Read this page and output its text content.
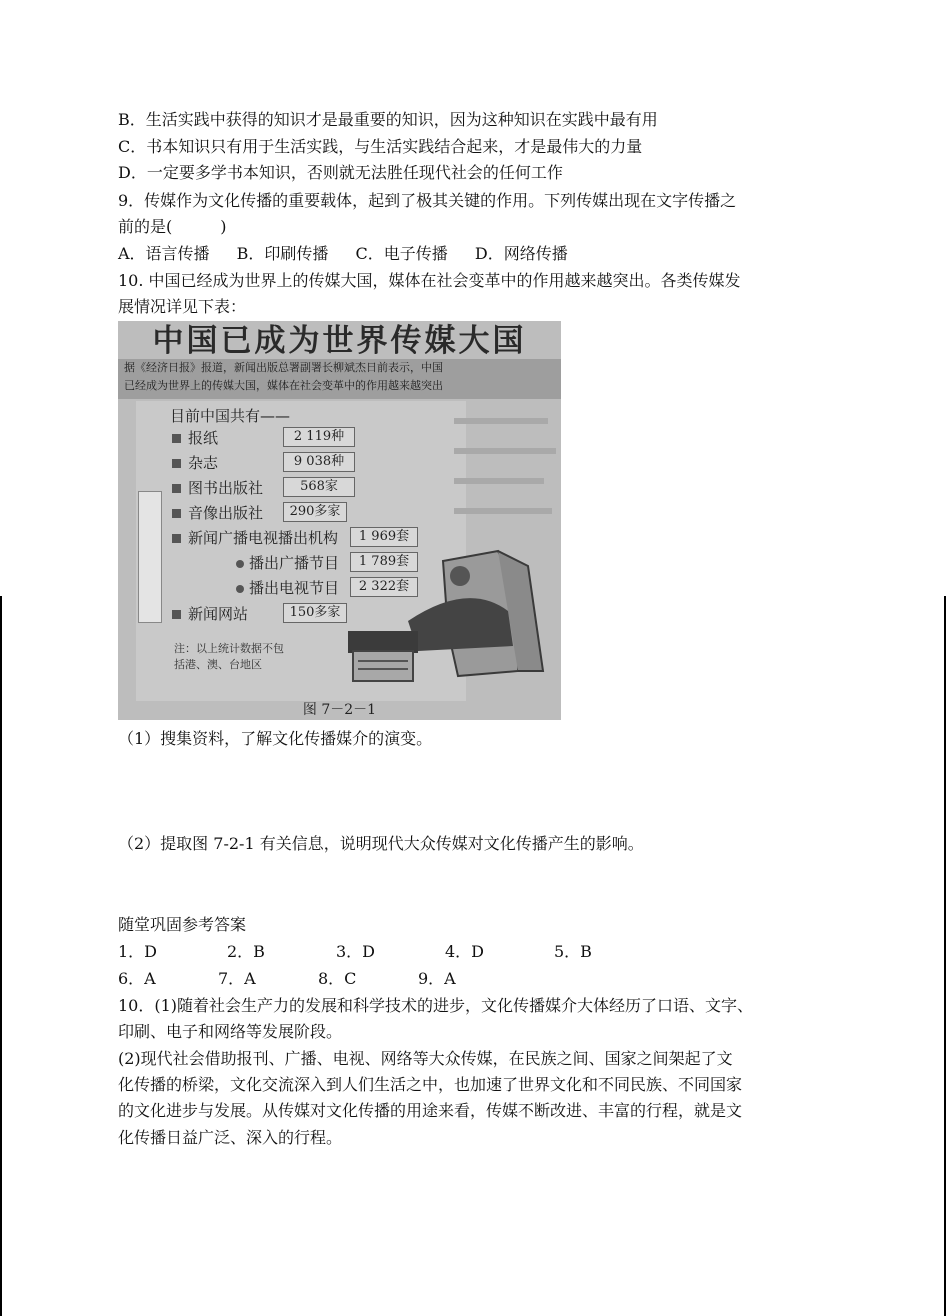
B．生活实践中获得的知识才是最重要的知识，因为这种知识在实践中最有用
C．书本知识只有用于生活实践，与生活实践结合起来，才是最伟大的力量
D．一定要多学书本知识，否则就无法胜任现代社会的任何工作
9．传媒作为文化传播的重要载体，起到了极其关键的作用。下列传媒出现在文字传播之
前的是(　　　)
A．语言传播 B．印刷传播 C．电子传播 D．网络传播
10. 中国已经成为世界上的传媒大国，媒体在社会变革中的作用越来越突出。各类传媒发
展情况详见下表：
中国已成为世界传媒大国
据《经济日报》报道，新闻出版总署副署长柳斌杰日前表示，中国
已经成为世界上的传媒大国，媒体在社会变革中的作用越来越突出
目前中国共有——
报纸	2 119种
杂志	9 038种
图书出版社	568家
音像出版社	290多家
新闻广播电视播出机构	1 969套
播出广播节目	1 789套
播出电视节目	2 322套
新闻网站	150多家
注：以上统计数据不包
括港、澳、台地区
图 7－2－1
（1）搜集资料，了解文化传播媒介的演变。
（2）提取图 7-2-1 有关信息，说明现代大众传媒对文化传播产生的影响。
随堂巩固参考答案
1．D	2．B	3．D	4．D	5．B
6．A	7．A	8．C	9．A
10．(1)随着社会生产力的发展和科学技术的进步，文化传播媒介大体经历了口语、文字、
印刷、电子和网络等发展阶段。
(2)现代社会借助报刊、广播、电视、网络等大众传媒，在民族之间、国家之间架起了文
化传播的桥梁，文化交流深入到人们生活之中，也加速了世界文化和不同民族、不同国家
的文化进步与发展。从传媒对文化传播的用途来看，传媒不断改进、丰富的行程，就是文
化传播日益广泛、深入的行程。
